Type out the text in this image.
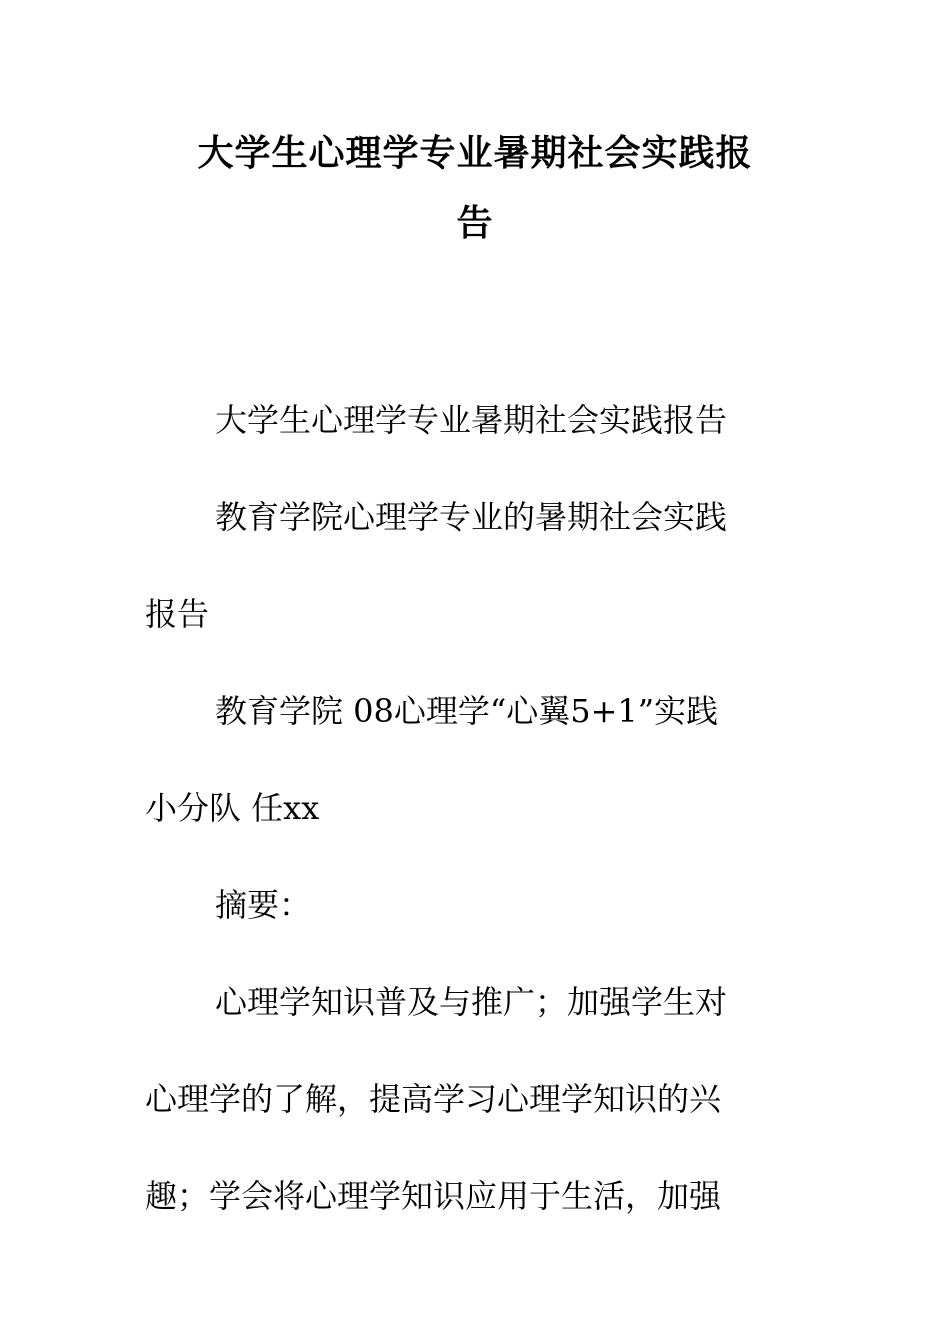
大学生心理学专业暑期社会实践报
告

大学生心理学专业暑期社会实践报告

教育学院心理学专业的暑期社会实践
报告

教育学院 08心理学“心翼5+1”实践
小分队 任xx

摘要：

心理学知识普及与推广；加强学生对
心理学的了解，提高学习心理学知识的兴
趣；学会将心理学知识应用于生活，加强
